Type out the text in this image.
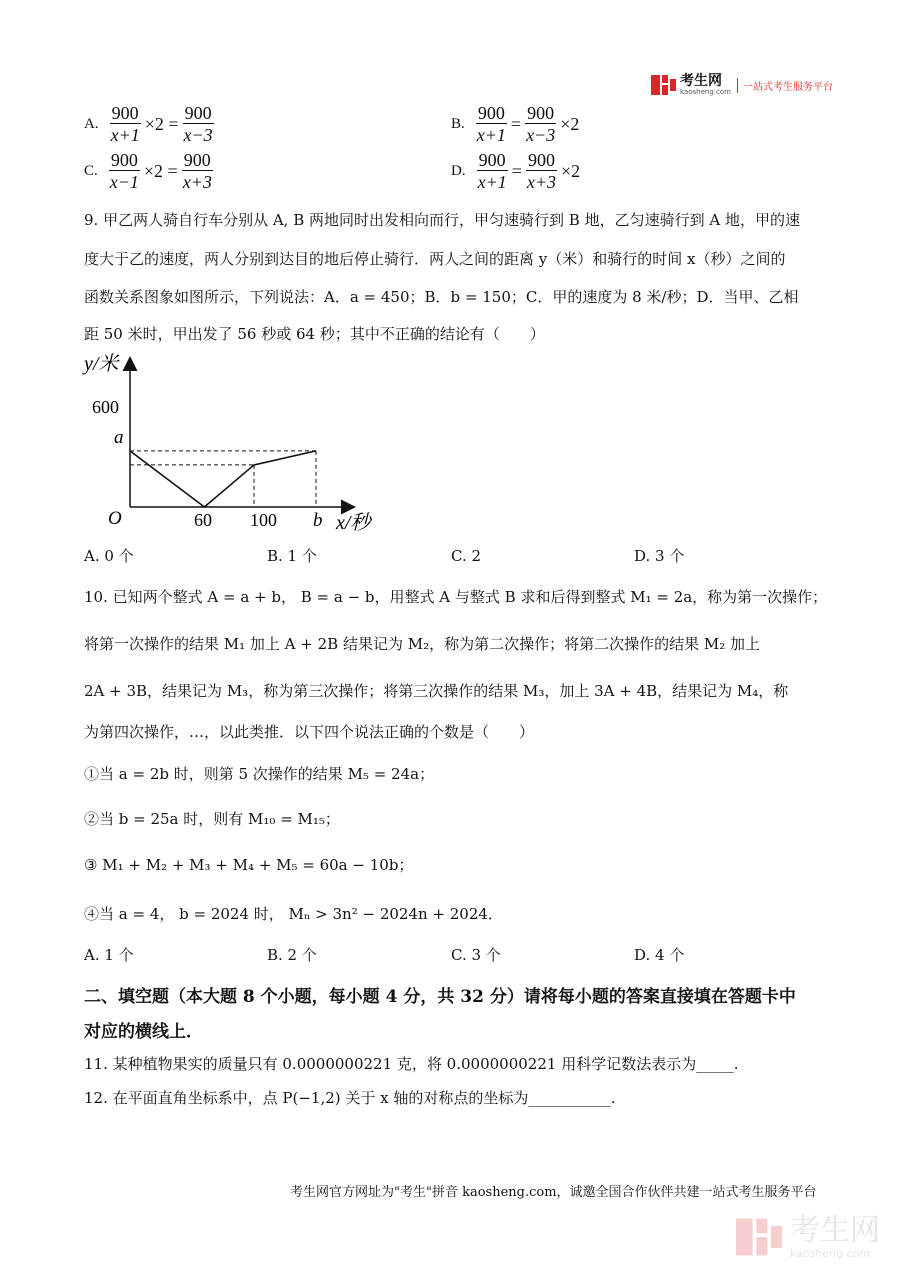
考生网
kaosheng.com	一站式考生服务平台
A. $\frac{900}{x+1} \times 2 = \frac{900}{x-3}$	B. $\frac{900}{x+1} = \frac{900}{x-3} \times 2$
C. $\frac{900}{x-1} \times 2 = \frac{900}{x+3}$	D. $\frac{900}{x+1} = \frac{900}{x+3} \times 2$
9. 甲乙两人骑自行车分别从 A, B 两地同时出发相向而行，甲匀速骑行到 B 地，乙匀速骑行到 A 地，甲的速
度大于乙的速度，两人分别到达目的地后停止骑行．两人之间的距离 y（米）和骑行的时间 x（秒）之间的
函数关系图象如图所示，下列说法：A．a = 450；B．b = 150；C．甲的速度为 8 米/秒；D．当甲、乙相
距 50 米时，甲出发了 56 秒或 64 秒；其中不正确的结论有（　　）
y/米
x/秒
O
600
a
60 100 b
A. 0 个	B. 1 个	C. 2	D. 3 个
10. 已知两个整式 A = a + b， B = a − b，用整式 A 与整式 B 求和后得到整式 M₁ = 2a，称为第一次操作；
将第一次操作的结果 M₁ 加上 A + 2B 结果记为 M₂，称为第二次操作；将第二次操作的结果 M₂ 加上
2A + 3B，结果记为 M₃，称为第三次操作；将第三次操作的结果 M₃，加上 3A + 4B，结果记为 M₄，称
为第四次操作，…，以此类推．以下四个说法正确的个数是（　　）
①当 a = 2b 时，则第 5 次操作的结果 M₅ = 24a；
②当 b = 25a 时，则有 M₁₀ = M₁₅；
③ M₁ + M₂ + M₃ + M₄ + M₅ = 60a − 10b；
④当 a = 4， b = 2024 时， Mₙ > 3n² − 2024n + 2024．
A. 1 个	B. 2 个	C. 3 个	D. 4 个
二、填空题（本大题 8 个小题，每小题 4 分，共 32 分）请将每小题的答案直接填在答题卡中
对应的横线上．
11. 某种植物果实的质量只有 0.0000000221 克，将 0.0000000221 用科学记数法表示为_____.
12. 在平面直角坐标系中，点 P(−1,2) 关于 x 轴的对称点的坐标为___________.
考生网官方网址为"考生"拼音 kaosheng.com，诚邀全国合作伙伴共建一站式考生服务平台
考生网
kaosheng.com
